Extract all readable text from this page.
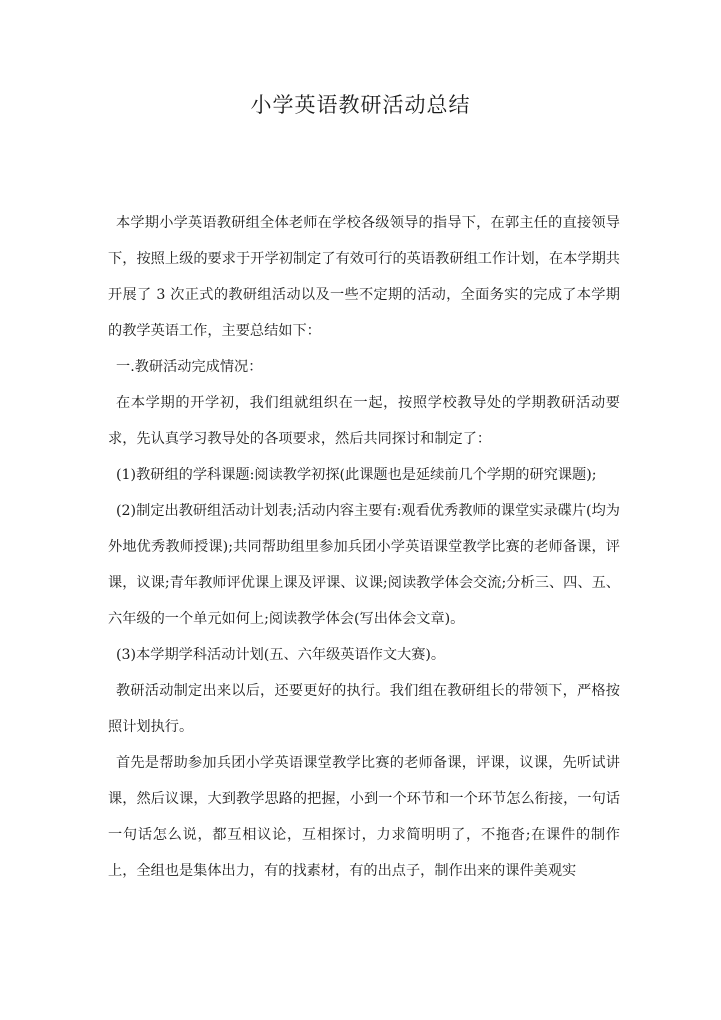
小学英语教研活动总结

本学期小学英语教研组全体老师在学校各级领导的指导下，在郭主任的直接领导下，按照上级的要求于开学初制定了有效可行的英语教研组工作计划，在本学期共开展了 3 次正式的教研组活动以及一些不定期的活动，全面务实的完成了本学期的教学英语工作，主要总结如下：

一.教研活动完成情况：

在本学期的开学初，我们组就组织在一起，按照学校教导处的学期教研活动要求，先认真学习教导处的各项要求，然后共同探讨和制定了：

(1)教研组的学科课题:阅读教学初探(此课题也是延续前几个学期的研究课题);

(2)制定出教研组活动计划表;活动内容主要有:观看优秀教师的课堂实录碟片(均为外地优秀教师授课);共同帮助组里参加兵团小学英语课堂教学比赛的老师备课，评课，议课;青年教师评优课上课及评课、议课;阅读教学体会交流;分析三、四、五、六年级的一个单元如何上;阅读教学体会(写出体会文章)。

(3)本学期学科活动计划(五、六年级英语作文大赛)。

教研活动制定出来以后，还要更好的执行。我们组在教研组长的带领下，严格按照计划执行。

首先是帮助参加兵团小学英语课堂教学比赛的老师备课，评课，议课，先听试讲课，然后议课，大到教学思路的把握，小到一个环节和一个环节怎么衔接，一句话一句话怎么说，都互相议论，互相探讨，力求简明明了，不拖沓;在课件的制作上，全组也是集体出力，有的找素材，有的出点子，制作出来的课件美观实
